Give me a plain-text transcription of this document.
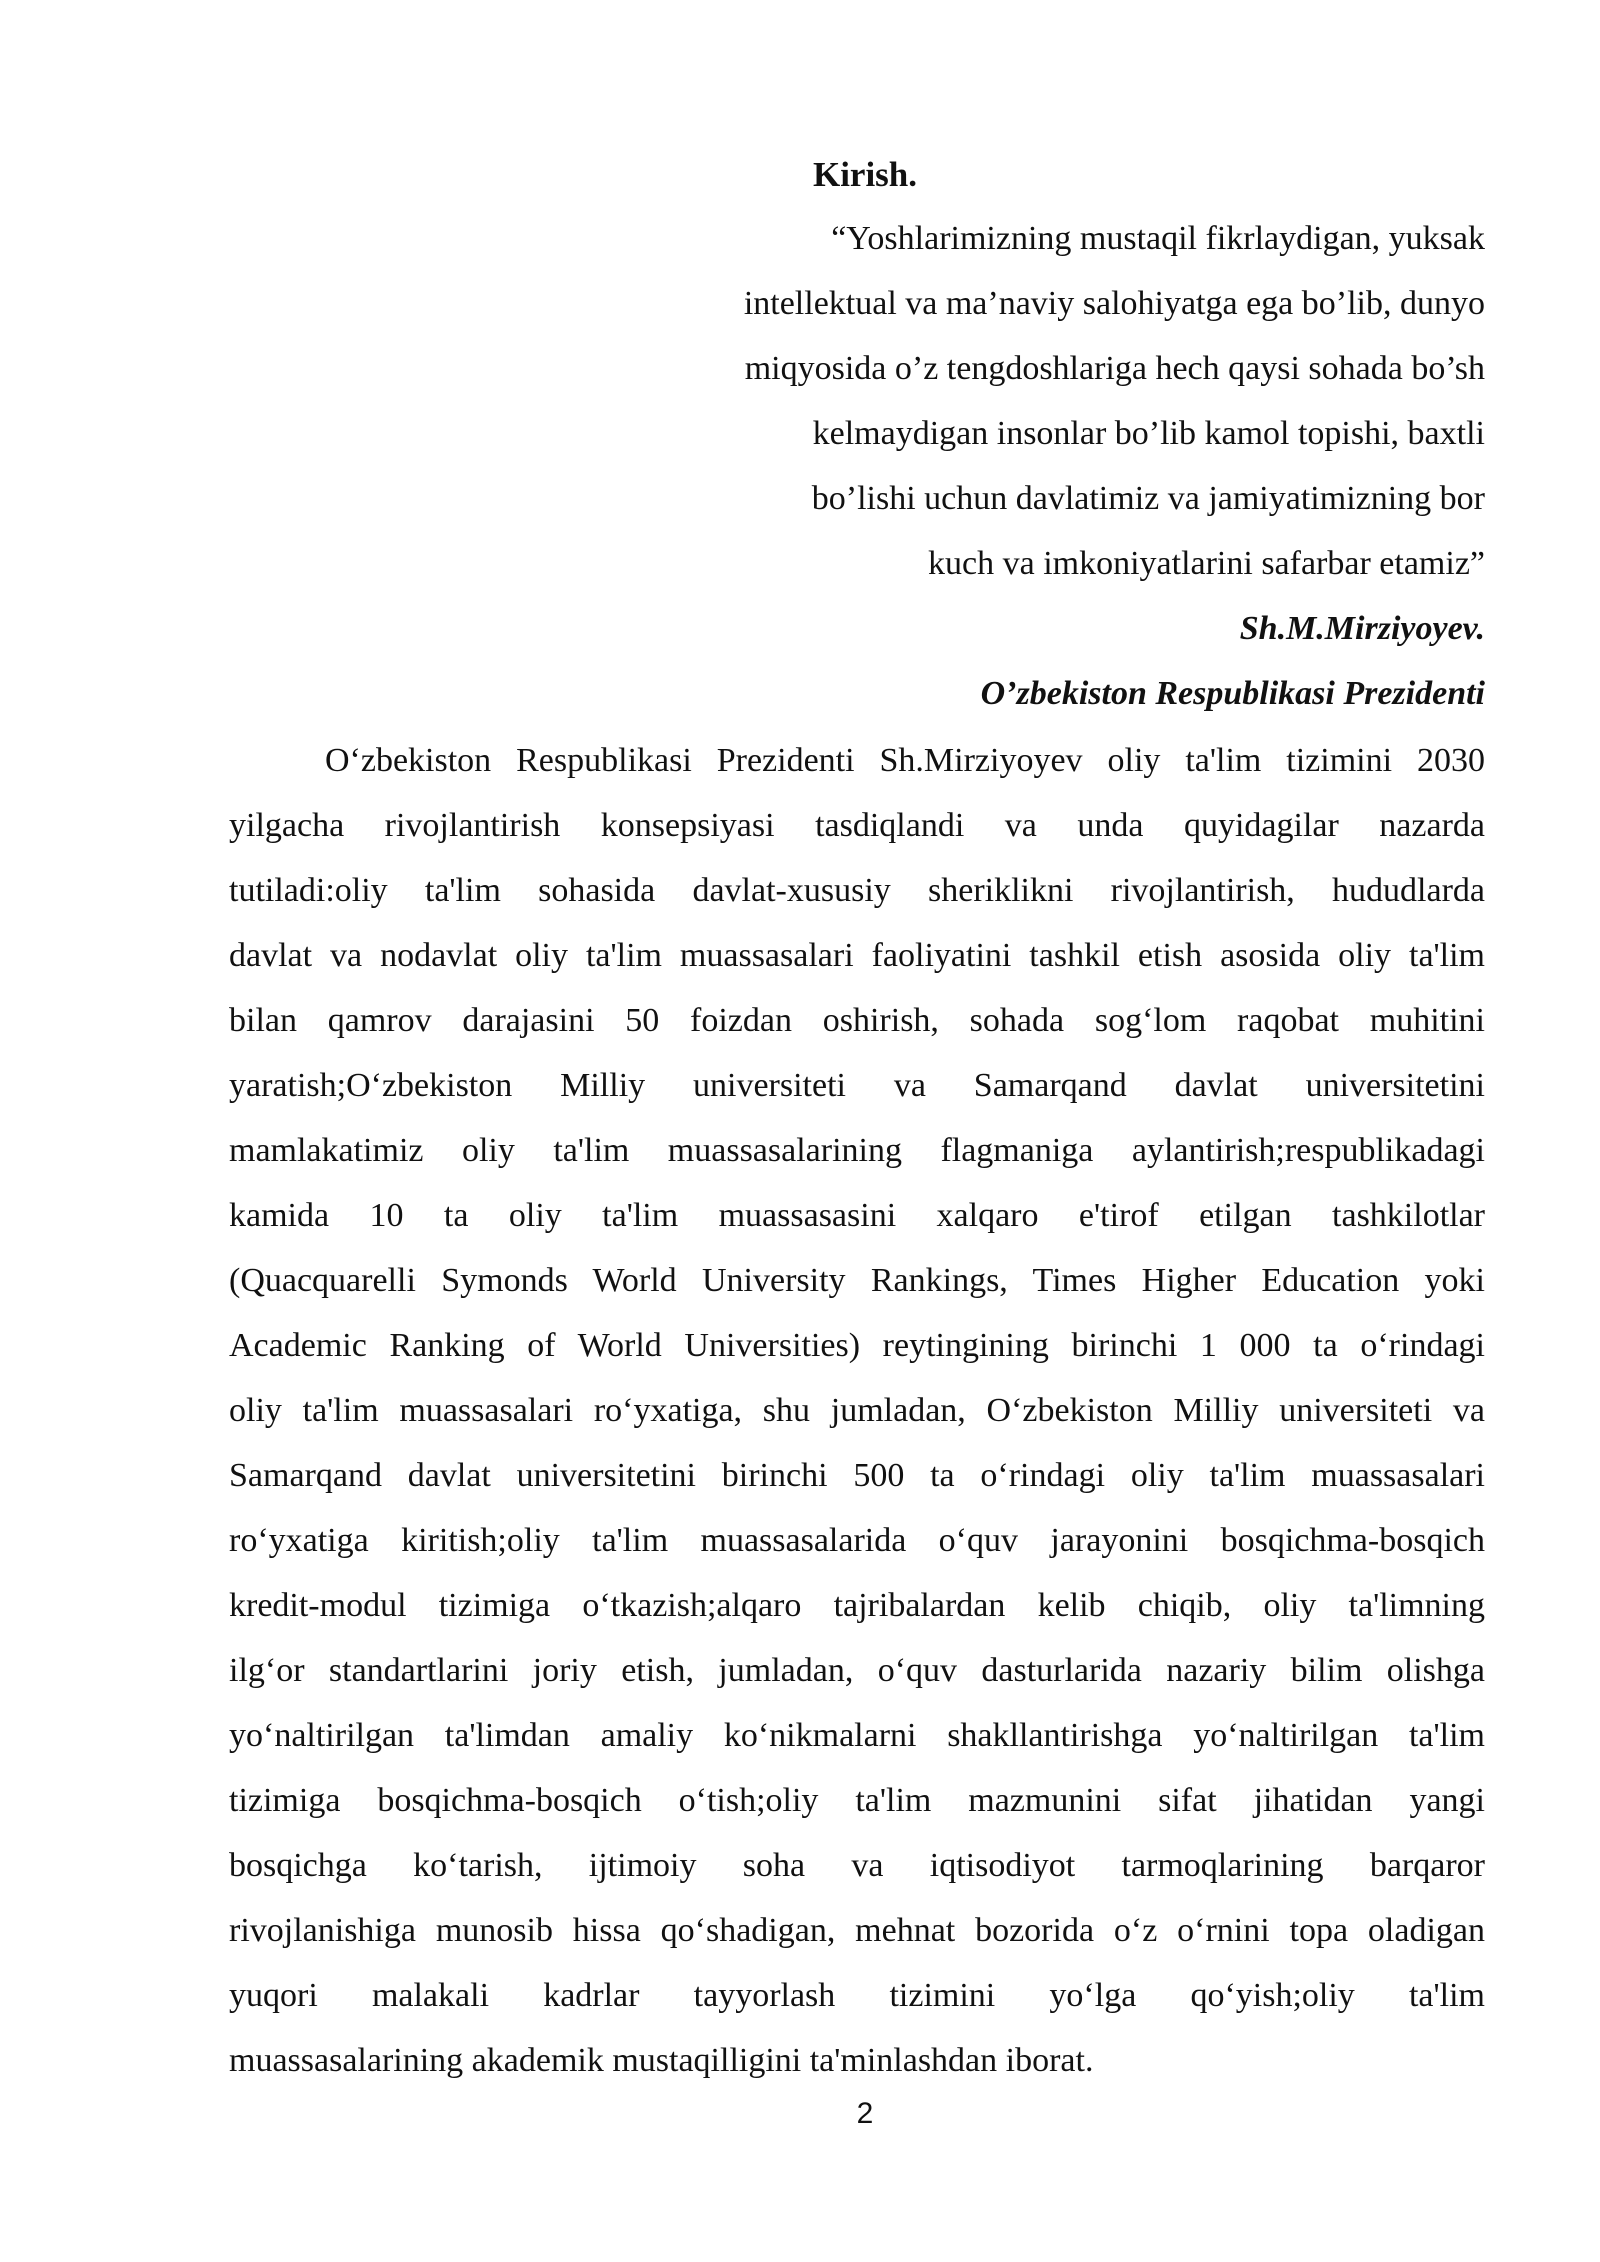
Kirish.
“Yoshlarimizning mustaqil fikrlaydigan, yuksak
intellektual va ma’naviy salohiyatga ega bo’lib, dunyo
miqyosida o’z tengdoshlariga hech qaysi sohada bo’sh
kelmaydigan insonlar bo’lib kamol topishi, baxtli
bo’lishi uchun davlatimiz va jamiyatimizning bor
kuch va imkoniyatlarini safarbar etamiz”
Sh.M.Mirziyoyev.
O’zbekiston Respublikasi Prezidenti
O‘zbekiston Respublikasi Prezidenti Sh.Mirziyoyev oliy ta'lim tizimini 2030
yilgacha rivojlantirish konsepsiyasi tasdiqlandi va unda quyidagilar nazarda
tutiladi:oliy ta'lim sohasida davlat-xususiy sheriklikni rivojlantirish, hududlarda
davlat va nodavlat oliy ta'lim muassasalari faoliyatini tashkil etish asosida oliy ta'lim
bilan qamrov darajasini 50 foizdan oshirish, sohada sog‘lom raqobat muhitini
yaratish;O‘zbekiston Milliy universiteti va Samarqand davlat universitetini
mamlakatimiz oliy ta'lim muassasalarining flagmaniga aylantirish;respublikadagi
kamida 10 ta oliy ta'lim muassasasini xalqaro e'tirof etilgan tashkilotlar
(Quacquarelli Symonds World University Rankings, Times Higher Education yoki
Academic Ranking of World Universities) reytingining birinchi 1 000 ta o‘rindagi
oliy ta'lim muassasalari ro‘yxatiga, shu jumladan, O‘zbekiston Milliy universiteti va
Samarqand davlat universitetini birinchi 500 ta o‘rindagi oliy ta'lim muassasalari
ro‘yxatiga kiritish;oliy ta'lim muassasalarida o‘quv jarayonini bosqichma-bosqich
kredit-modul tizimiga o‘tkazish;alqaro tajribalardan kelib chiqib, oliy ta'limning
ilg‘or standartlarini joriy etish, jumladan, o‘quv dasturlarida nazariy bilim olishga
yo‘naltirilgan ta'limdan amaliy ko‘nikmalarni shakllantirishga yo‘naltirilgan ta'lim
tizimiga bosqichma-bosqich o‘tish;oliy ta'lim mazmunini sifat jihatidan yangi
bosqichga ko‘tarish, ijtimoiy soha va iqtisodiyot tarmoqlarining barqaror
rivojlanishiga munosib hissa qo‘shadigan, mehnat bozorida o‘z o‘rnini topa oladigan
yuqori malakali kadrlar tayyorlash tizimini yo‘lga qo‘yish;oliy ta'lim
muassasalarining akademik mustaqilligini ta'minlashdan iborat.
2
